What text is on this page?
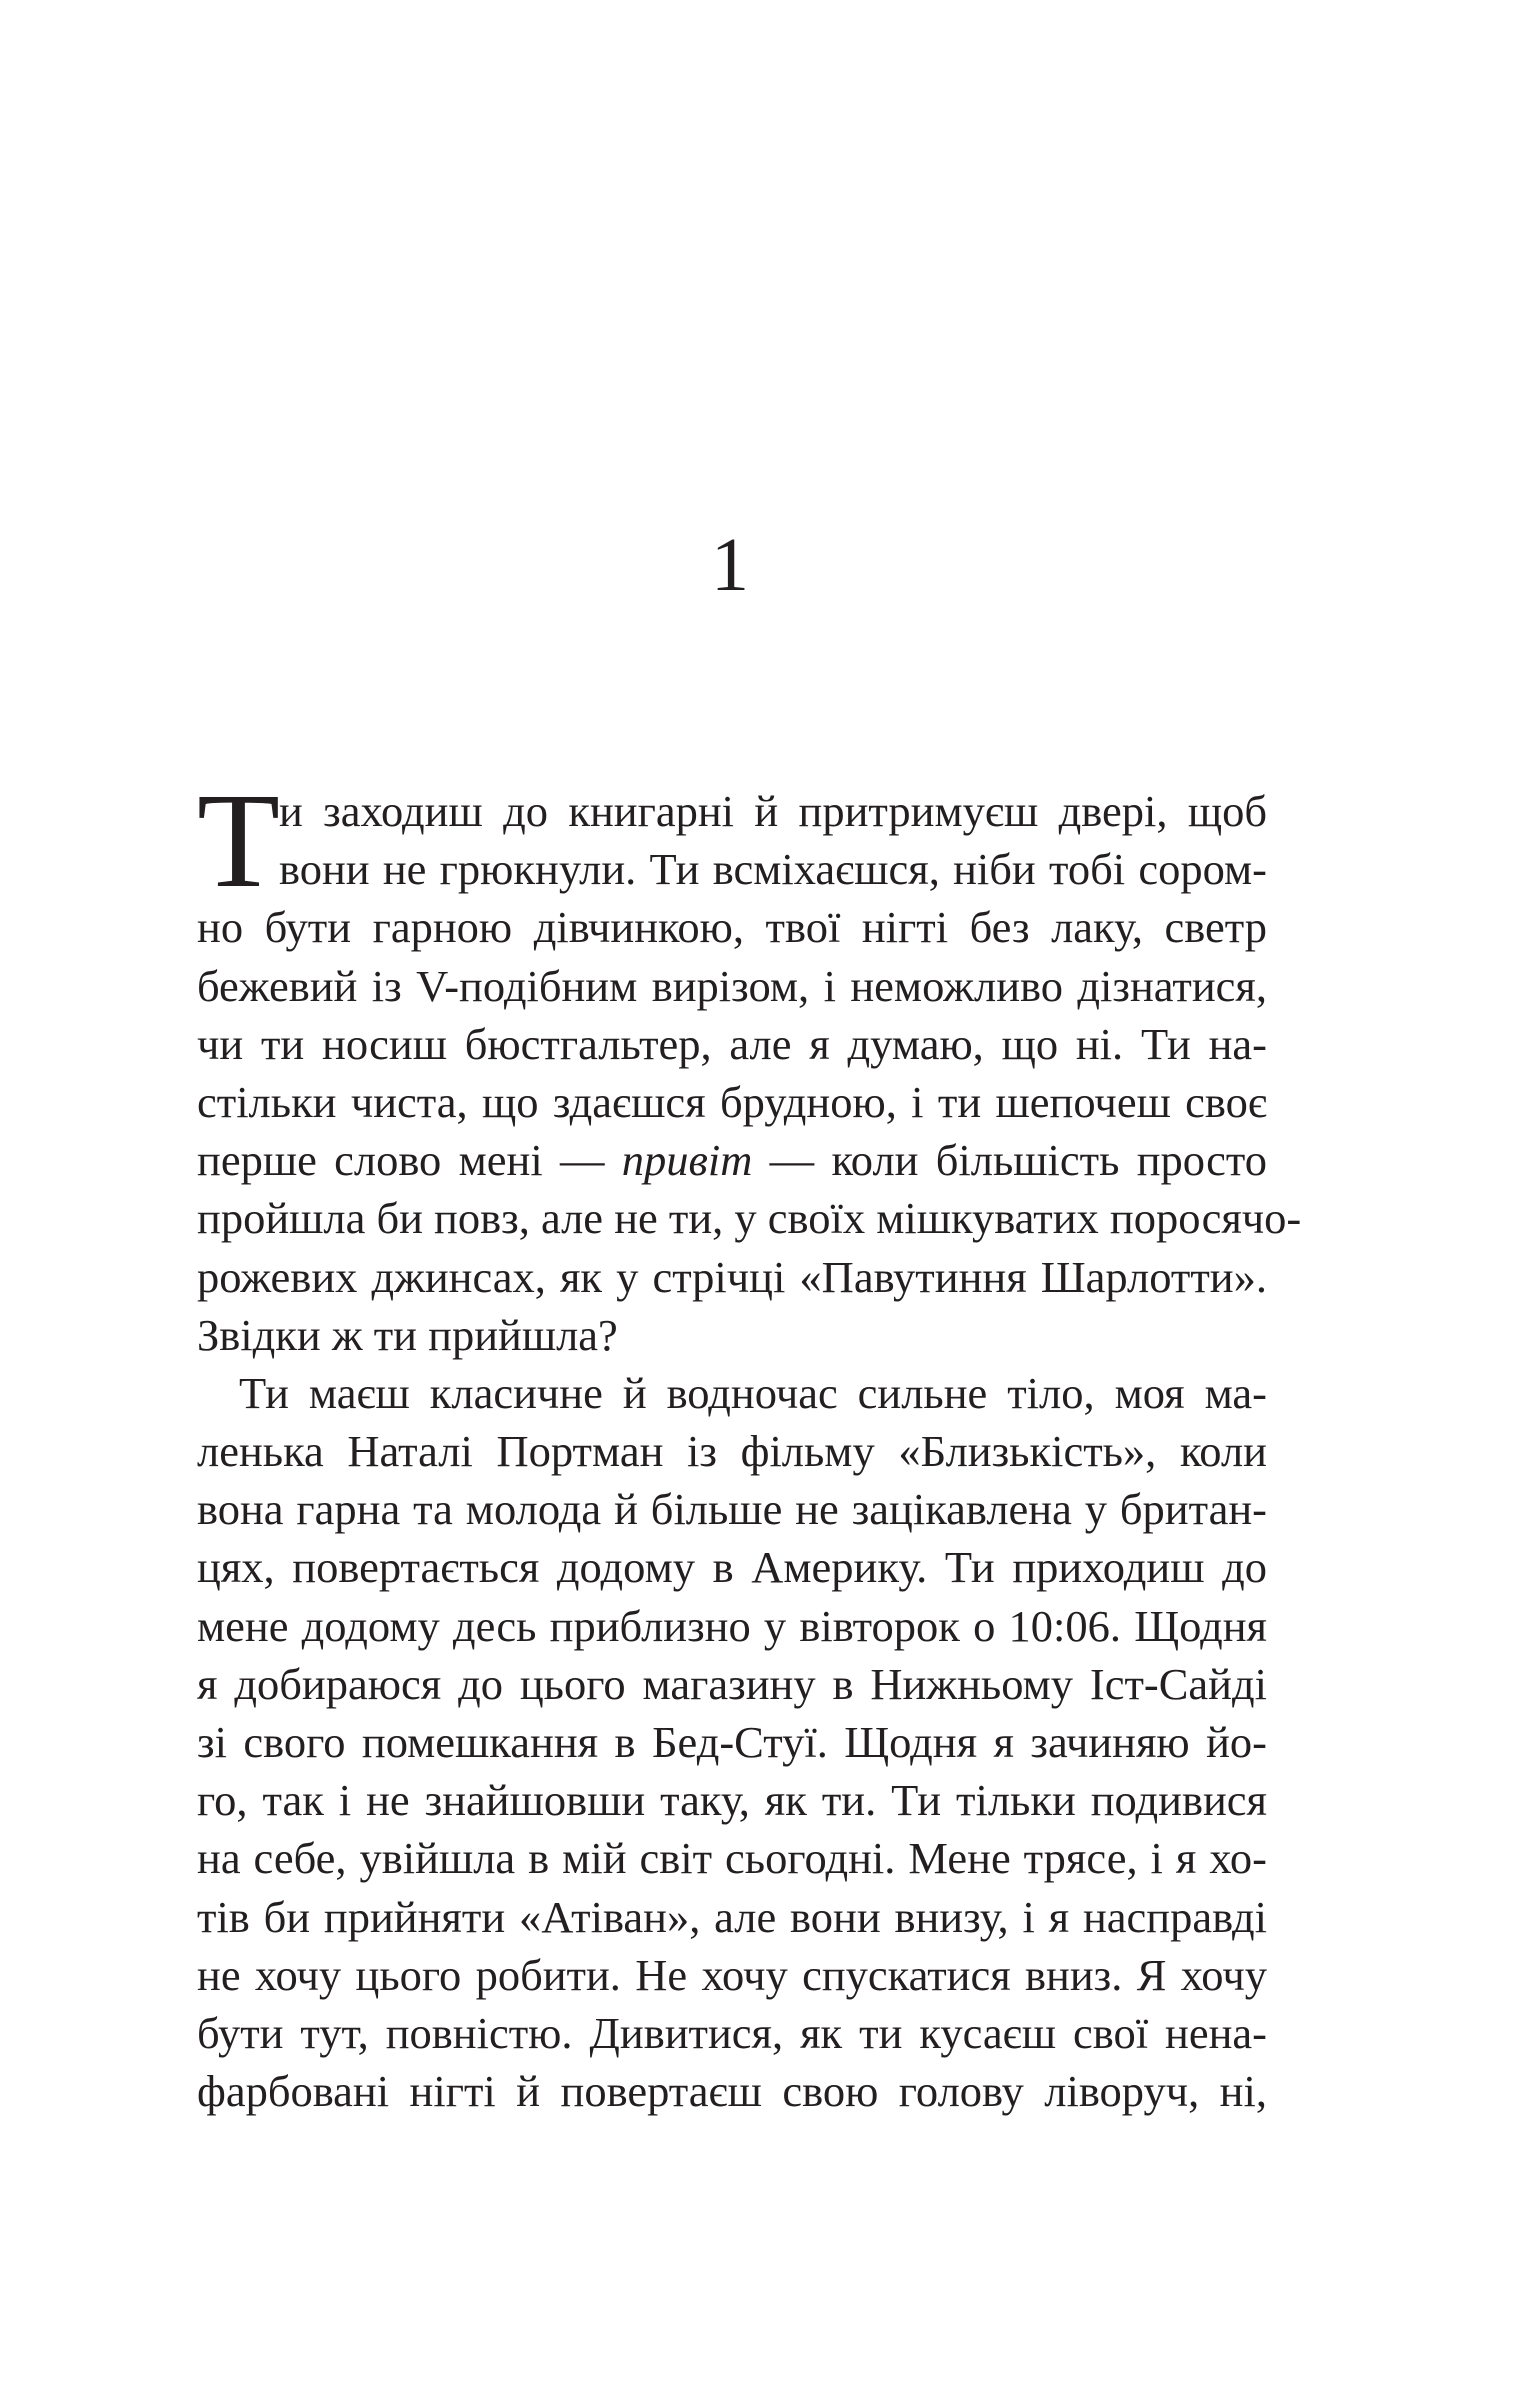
1
Т
и заходиш до книгарні й притримуєш двері, щоб
вони не грюкнули. Ти всміхаєшся, ніби тобі сором-
но бути гарною дівчинкою, твої нігті без лаку, светр
бежевий із V-подібним вирізом, і неможливо дізнатися,
чи ти носиш бюстгальтер, але я думаю, що ні. Ти на-
стільки чиста, що здаєшся брудною, і ти шепочеш своє
перше слово мені — привіт — коли більшість просто
пройшла би повз, але не ти, у своїх мішкуватих поросячо-
рожевих джинсах, як у стрічці «Павутиння Шарлотти».
Звідки ж ти прийшла?
Ти маєш класичне й водночас сильне тіло, моя ма-
ленька Наталі Портман із фільму «Близькість», коли
вона гарна та молода й більше не зацікавлена у британ-
цях, повертається додому в Америку. Ти приходиш до
мене додому десь приблизно у вівторок о 10:06. Щодня
я добираюся до цього магазину в Нижньому Іст-Сайді
зі свого помешкання в Бед-Стуї. Щодня я зачиняю йо-
го, так і не знайшовши таку, як ти. Ти тільки подивися
на себе, увійшла в мій світ сьогодні. Мене трясе, і я хо-
тів би прийняти «Атіван», але вони внизу, і я насправді
не хочу цього робити. Не хочу спускатися вниз. Я хочу
бути тут, повністю. Дивитися, як ти кусаєш свої нена-
фарбовані нігті й повертаєш свою голову ліворуч, ні,
